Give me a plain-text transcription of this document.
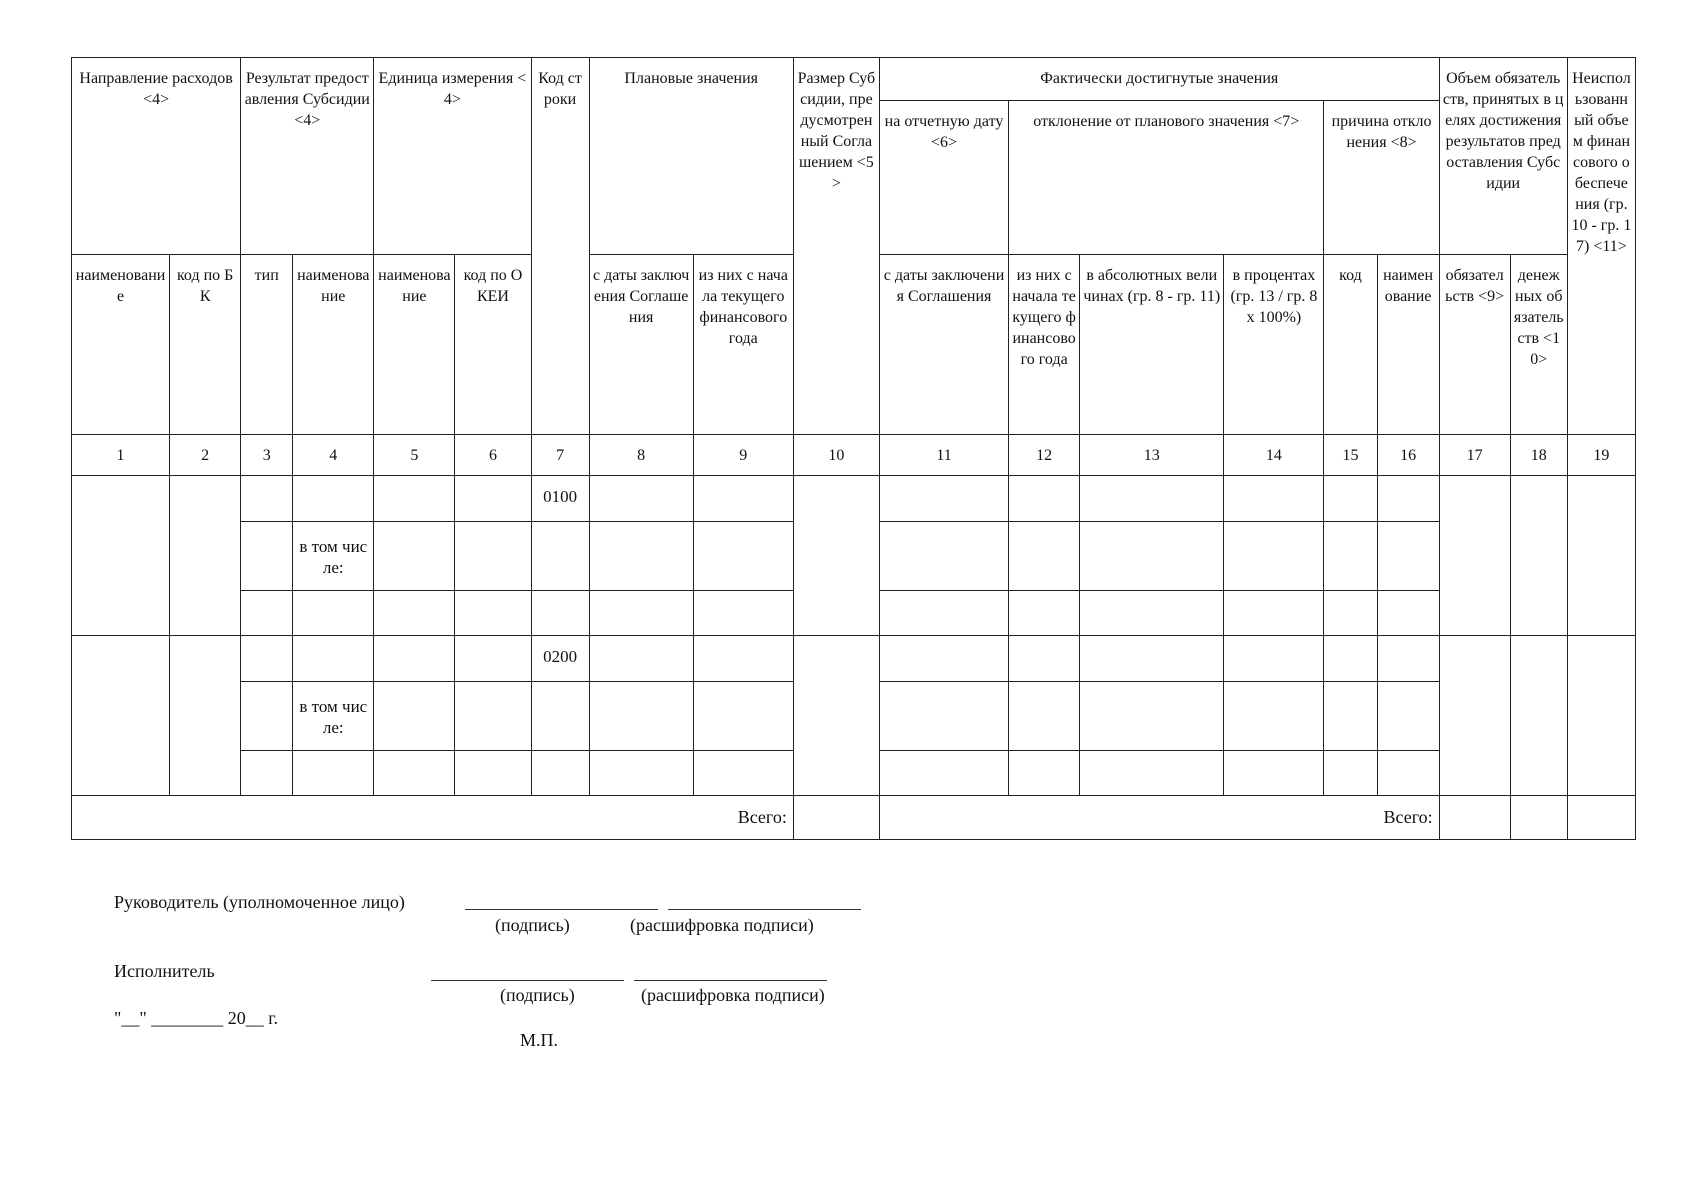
Направление расходов <4>		Результат предоставления Субсидии <4>		Единица измерения <4>		Код строки	Плановые значения		Размер Субсидии, предусмотренный Соглашением <5>	Фактически достигнутые значения						Объем обязательств, принятых в целях достижения результатов предоставления Субсидии		Неиспользованный объем финансового обеспечения (гр. 10 - гр. 17) <11>
										на отчетную дату <6>	отклонение от планового значения <7>			причина отклонения <8>				
наименование	код по БК	тип	наименование	наименование	код по ОКЕИ		с даты заключения Соглашения	из них с начала текущего финансового года		с даты заключения Соглашения	из них с начала текущего финансового года	в абсолютных величинах (гр. 8 - гр. 11)	в процентах (гр. 13 / гр. 8 x 100%)	код	наименование	обязательств <9>	денежных обязательств <10>	
1	2	3	4	5	6	7	8	9	10	11	12	13	14	15	16	17	18	19
						0100												
			в том числе:															

						0200												
			в том числе:															

Всего:										Всего:								
Руководитель (уполномоченное лицо)
(подпись)	(расшифровка подписи)
Исполнитель
(подпись)	(расшифровка подписи)
"__" ________ 20__ г.
М.П.
